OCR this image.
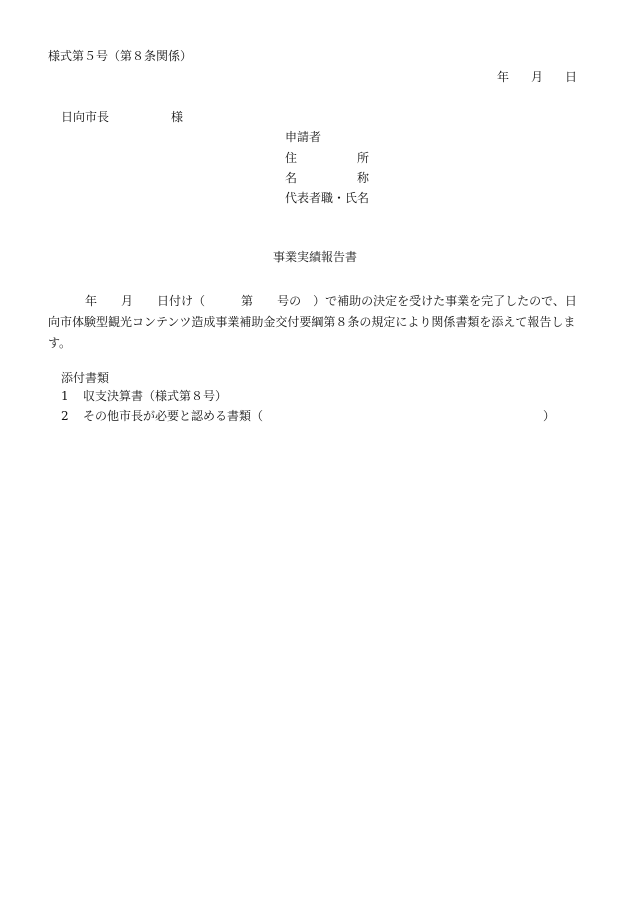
様式第５号（第８条関係）
年 月 日
日向市長	様
申請者
住　　所
名　　称
代表者職・氏名
事業実績報告書
年 月 日付け（	第 号の　）で補助の決定を受けた事業を完了したので、日向市体験型観光コンテンツ造成事業補助金交付要綱第８条の規定により関係書類を添えて報告します。
添付書類
1 収支決算書（様式第８号）
2 その他市長が必要と認める書類（	）
